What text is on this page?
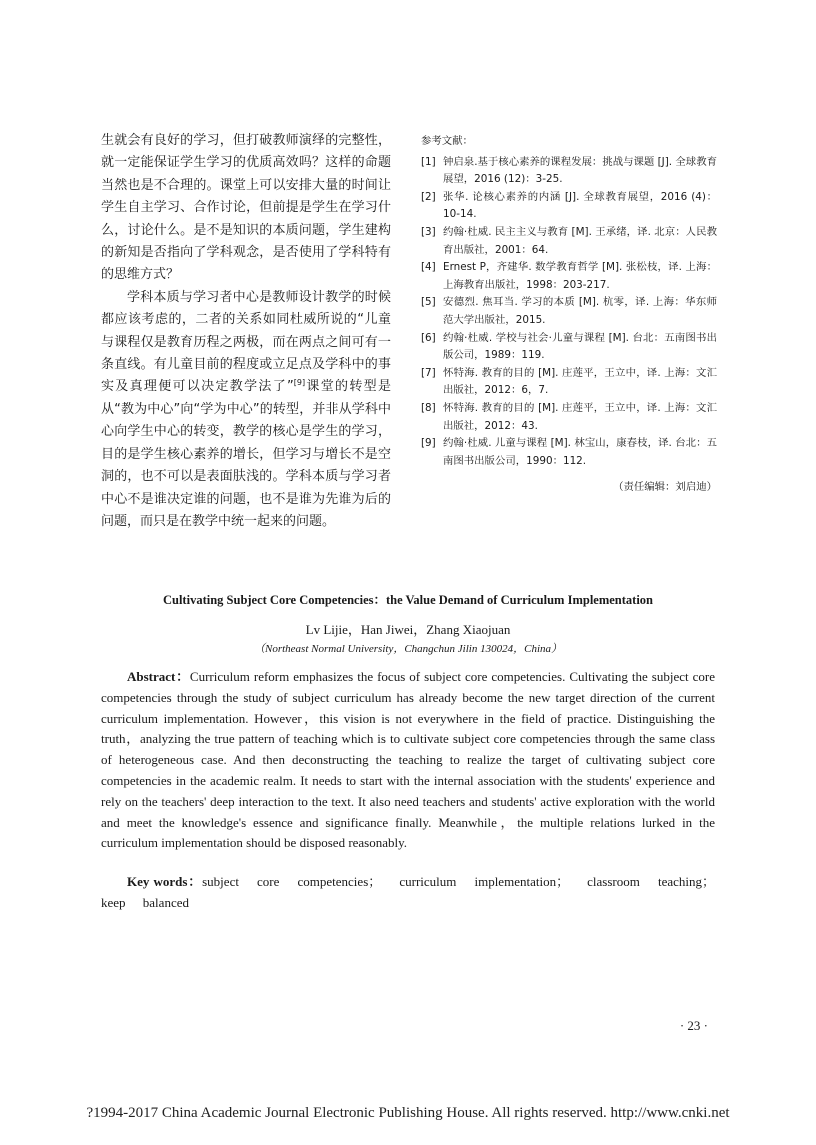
生就会有良好的学习，但打破教师演绎的完整性，就一定能保证学生学习的优质高效吗？这样的命题当然也是不合理的。课堂上可以安排大量的时间让学生自主学习、合作讨论，但前提是学生在学习什么，讨论什么。是不是知识的本质问题，学生建构的新知是否指向了学科观念，是否使用了学科特有的思维方式？

学科本质与学习者中心是教师设计教学的时候都应该考虑的，二者的关系如同杜威所说的“儿童与课程仅是教育历程之两极，而在两点之间可有一条直线。有儿童目前的程度或立足点及学科中的事实及真理便可以决定教学法了”[9]课堂的转型是从“教为中心”向“学为中心”的转型，并非从学科中心向学生中心的转变，教学的核心是学生的学习，目的是学生核心素养的增长，但学习与增长不是空洞的，也不可以是表面肤浅的。学科本质与学习者中心不是谁决定谁的问题，也不是谁为先谁为后的问题，而只是在教学中统一起来的问题。

参考文献：
[1] 钟启泉.基于核心素养的课程发展：挑战与课题 [J]. 全球教育展望，2016 (12)：3-25.
[2] 张华. 论核心素养的内涵 [J]. 全球教育展望，2016 (4)：10-14.
[3] 约翰·杜威. 民主主义与教育 [M]. 王承绪，译. 北京：人民教育出版社，2001：64.
[4] Ernest P，齐建华. 数学教育哲学 [M]. 张松枝，译. 上海：上海教育出版社，1998：203-217.
[5] 安德烈. 焦耳当. 学习的本质 [M]. 杭零，译. 上海：华东师范大学出版社，2015.
[6] 约翰·杜威. 学校与社会·儿童与课程 [M]. 台北：五南图书出版公司，1989：119.
[7] 怀特海. 教育的目的 [M]. 庄莲平，王立中，译. 上海：文汇出版社，2012：6，7.
[8] 怀特海. 教育的目的 [M]. 庄莲平，王立中，译. 上海：文汇出版社，2012：43.
[9] 约翰·杜威. 儿童与课程 [M]. 林宝山，康春枝，译. 台北：五南图书出版公司，1990：112.
（责任编辑：刘启迪）
Cultivating Subject Core Competencies：the Value Demand of Curriculum Implementation
Lv Lijie，Han Jiwei，Zhang Xiaojuan
（Northeast Normal University，Changchun Jilin 130024，China）

Abstract：Curriculum reform emphasizes the focus of subject core competencies. Cultivating the subject core competencies through the study of subject curriculum has already become the new target direction of the current curriculum implementation. However，this vision is not everywhere in the field of practice. Distinguishing the truth，analyzing the true pattern of teaching which is to cultivate subject core competencies through the same class of heterogeneous case. And then deconstructing the teaching to realize the target of cultivating subject core competencies in the academic realm. It needs to start with the internal association with the students' experience and rely on the teachers' deep interaction to the text. It also need teachers and students' active exploration with the world and meet the knowledge's essence and significance finally. Meanwhile，the multiple relations lurked in the curriculum implementation should be disposed reasonably.

Key words：subject core competencies； curriculum implementation； classroom teaching； keep balanced

· 23 ·
?1994-2017 China Academic Journal Electronic Publishing House. All rights reserved. http://www.cnki.net
